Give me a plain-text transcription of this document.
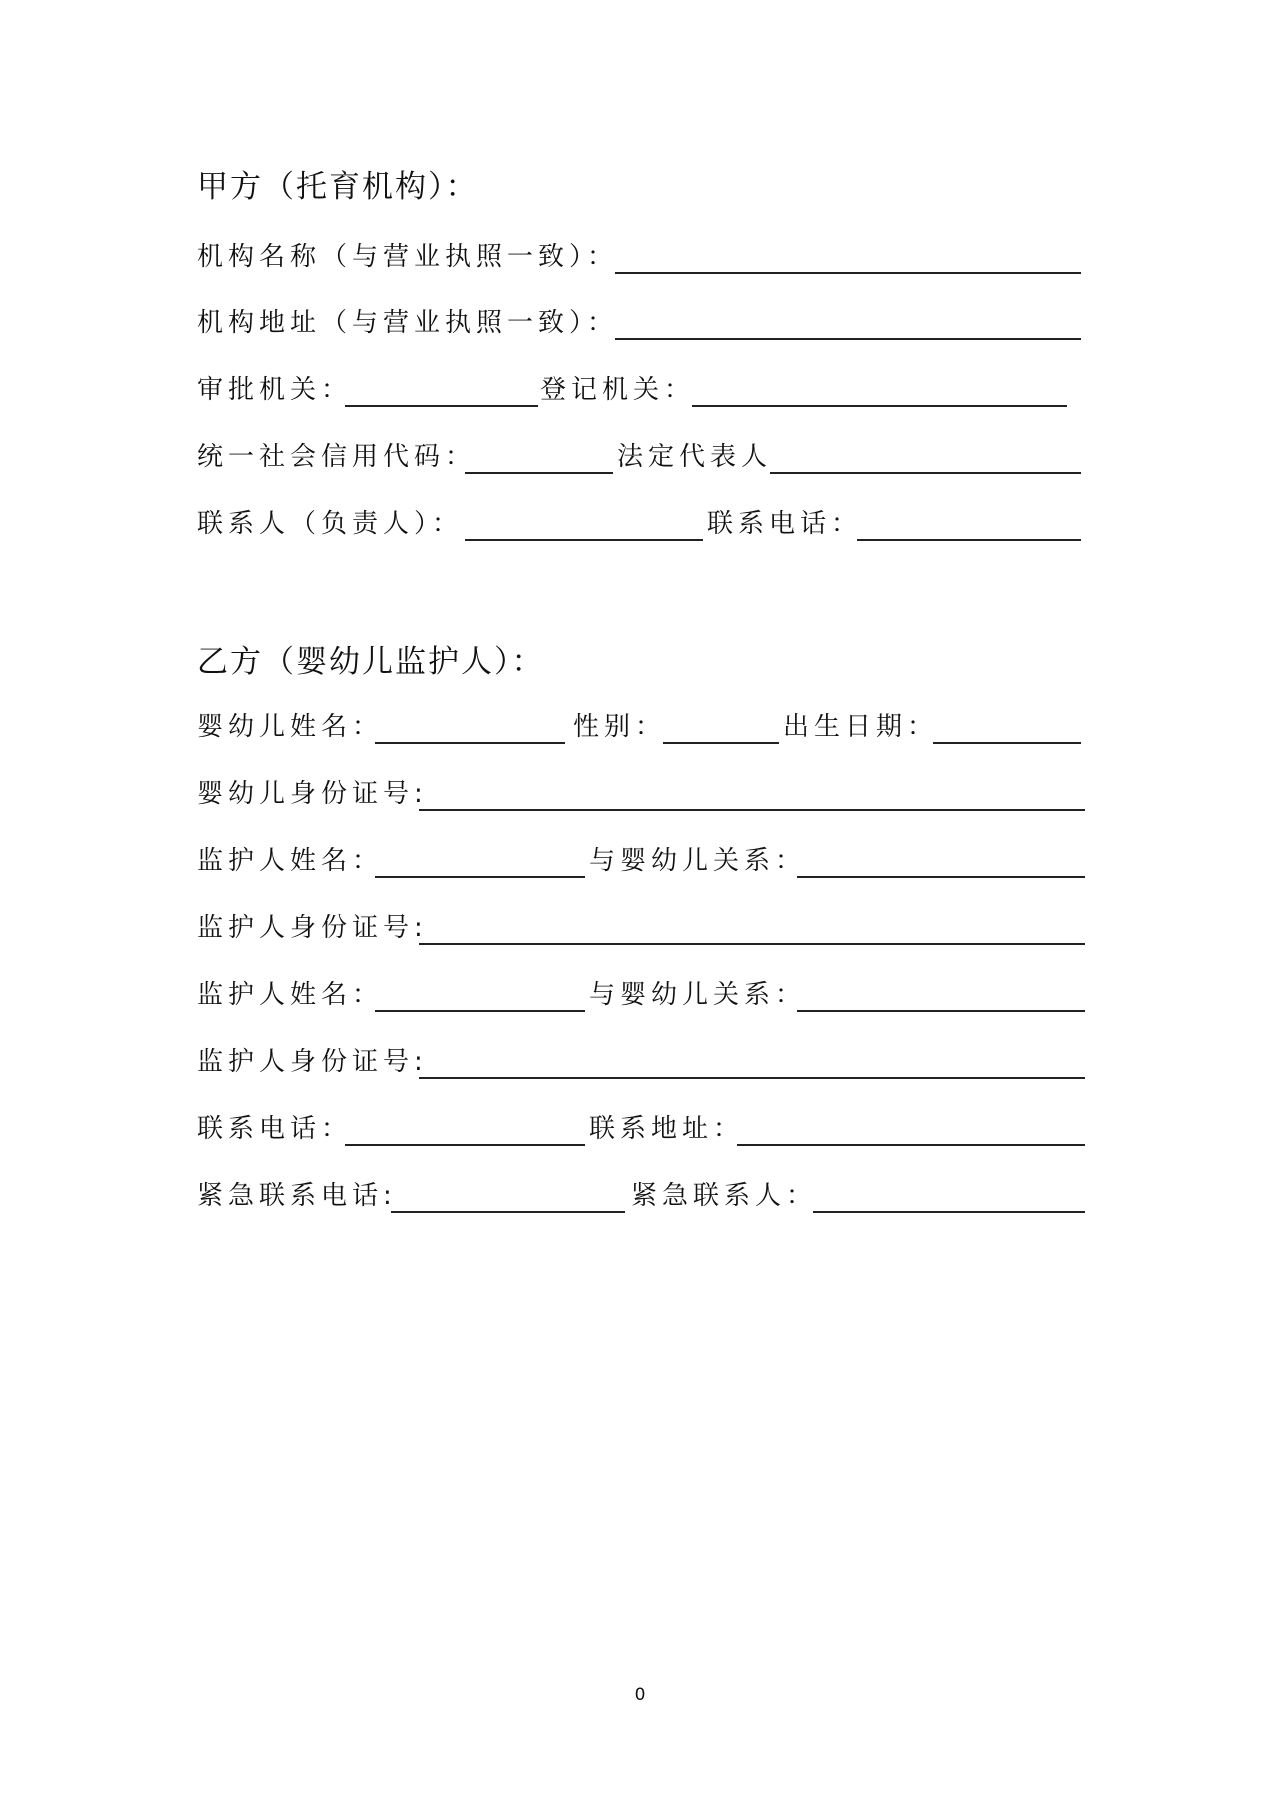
甲方（托育机构）：
机构名称（与营业执照一致）：
机构地址（与营业执照一致）：
审批机关：	登记机关：
统一社会信用代码：	法定代表人
联系人（负责人）：	联系电话：
乙方（婴幼儿监护人）：
婴幼儿姓名：	性别：	出生日期：
婴幼儿身份证号:
监护人姓名：	与婴幼儿关系：
监护人身份证号:
监护人姓名：	与婴幼儿关系：
监护人身份证号:
联系电话：	联系地址：
紧急联系电话:	紧急联系人：
0
